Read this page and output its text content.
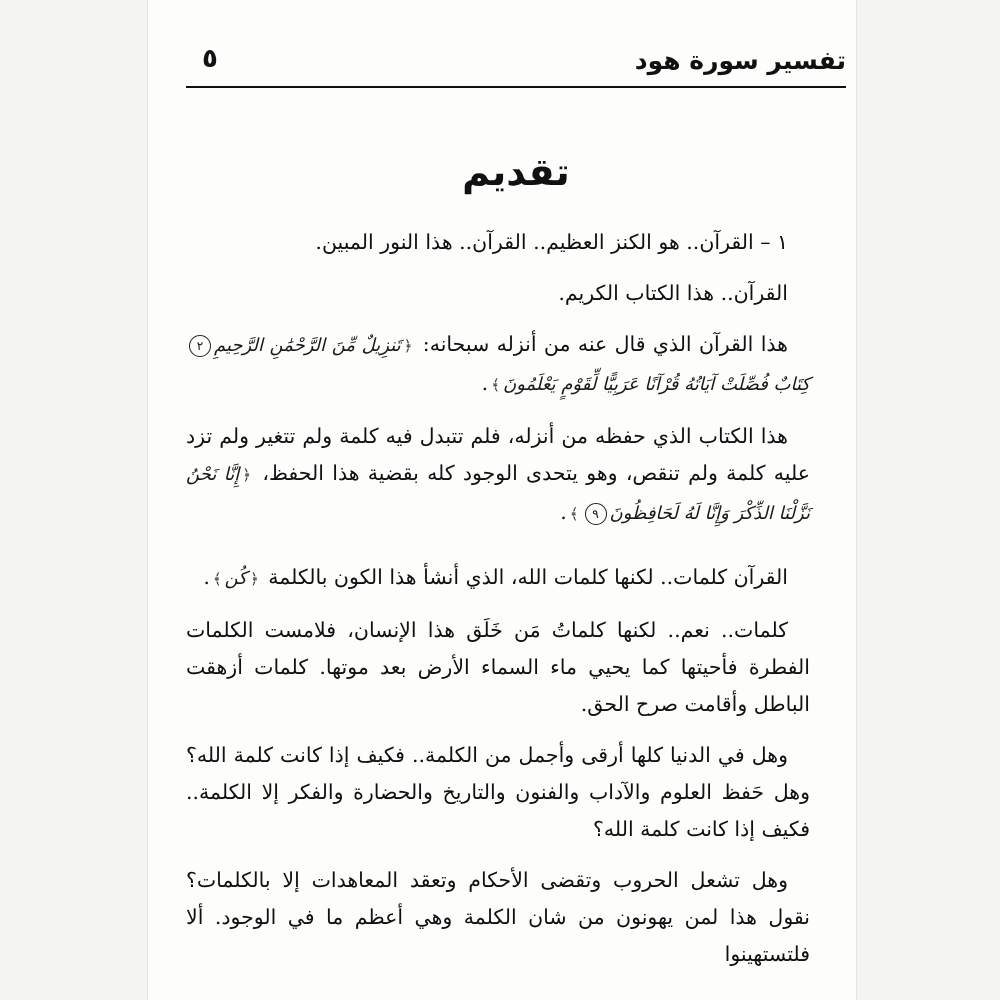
تفسير سورة هود
٥
تقديم

١ – القرآن.. هو الكنز العظيم.. القرآن.. هذا النور المبين.

القرآن.. هذا الكتاب الكريم.

هذا القرآن الذي قال عنه من أنزله سبحانه: ﴿تَنزِيلٌ مِّنَ الرَّحْمَٰنِ الرَّحِيمِ٢كِتَابٌ فُصِّلَتْ آيَاتُهُ قُرْآنًا عَرَبِيًّا لِّقَوْمٍ يَعْلَمُونَ﴾.

هذا الكتاب الذي حفظه من أنزله، فلم تتبدل فيه كلمة ولم تتغير ولم تزد عليه كلمة ولم تنقص، وهو يتحدى الوجود كله بقضية هذا الحفظ، ﴿إِنَّا نَحْنُ نَزَّلْنَا الذِّكْرَ وَإِنَّا لَهُ لَحَافِظُونَ٩﴾.

القرآن كلمات.. لكنها كلمات الله، الذي أنشأ هذا الكون بالكلمة ﴿كُن﴾.

كلمات.. نعم.. لكنها كلماتُ مَن خَلَق هذا الإنسان، فلامست الكلمات الفطرة فأحيتها كما يحيي ماء السماء الأرض بعد موتها. كلمات أزهقت الباطل وأقامت صرح الحق.

وهل في الدنيا كلها أرقى وأجمل من الكلمة.. فكيف إذا كانت كلمة الله؟ وهل حَفظ العلوم والآداب والفنون والتاريخ والحضارة والفكر إلا الكلمة.. فكيف إذا كانت كلمة الله؟

وهل تشعل الحروب وتقضى الأحكام وتعقد المعاهدات إلا بالكلمات؟ نقول هذا لمن يهونون من شان الكلمة وهي أعظم ما في الوجود. ألا فلتستهينوا
